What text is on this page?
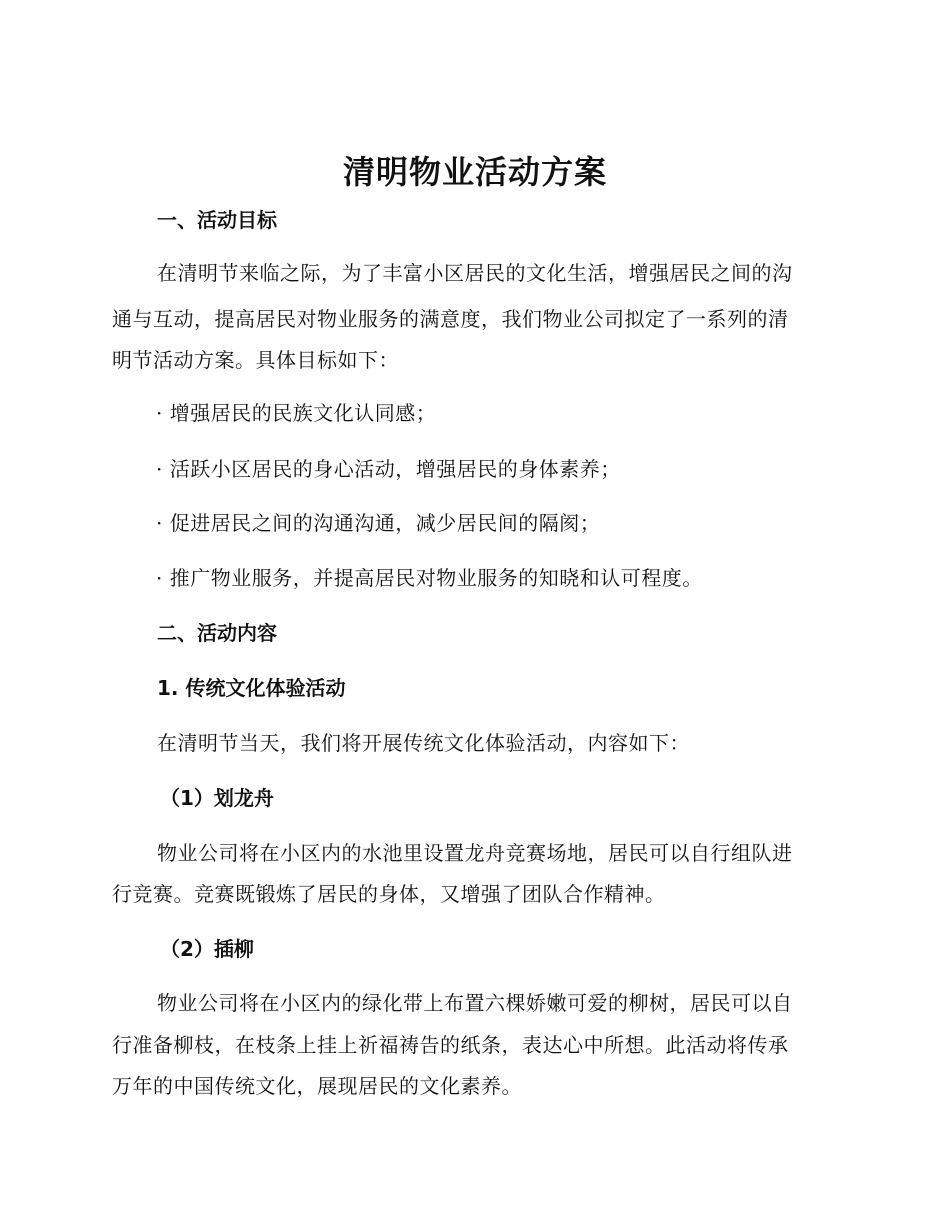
清明物业活动方案
一、活动目标
在清明节来临之际，为了丰富小区居民的文化生活，增强居民之间的沟
通与互动，提高居民对物业服务的满意度，我们物业公司拟定了一系列的清
明节活动方案。具体目标如下：
· 增强居民的民族文化认同感；
· 活跃小区居民的身心活动，增强居民的身体素养；
· 促进居民之间的沟通沟通，减少居民间的隔阂；
· 推广物业服务，并提高居民对物业服务的知晓和认可程度。
二、活动内容
1. 传统文化体验活动
在清明节当天，我们将开展传统文化体验活动，内容如下：
（1）划龙舟
物业公司将在小区内的水池里设置龙舟竞赛场地，居民可以自行组队进
行竞赛。竞赛既锻炼了居民的身体，又增强了团队合作精神。
（2）插柳
物业公司将在小区内的绿化带上布置六棵娇嫩可爱的柳树，居民可以自
行准备柳枝，在枝条上挂上祈福祷告的纸条，表达心中所想。此活动将传承
万年的中国传统文化，展现居民的文化素养。
